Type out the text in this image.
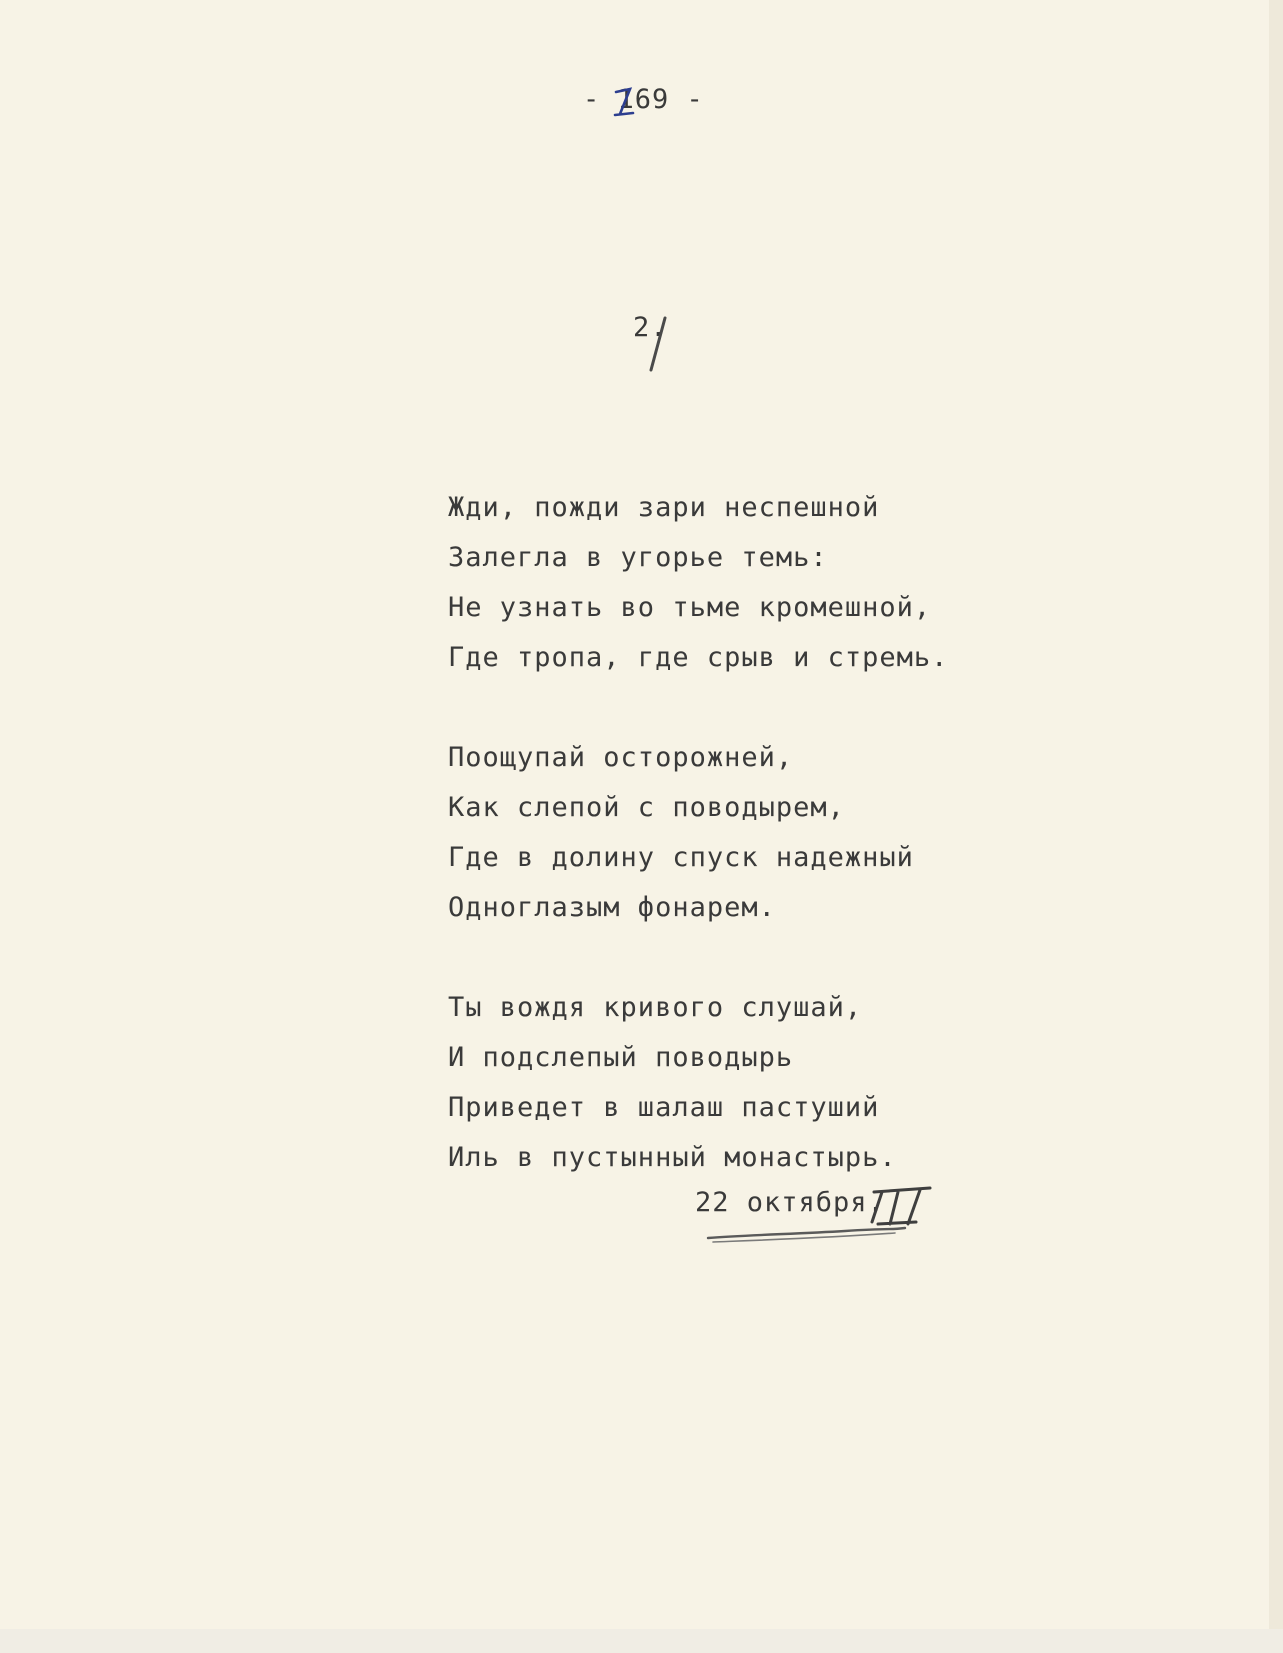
- 169 -
2.
Жди, пожди зари неспешной
Залегла в угорье темь:
Не узнать во тьме кромешной,
Где тропа, где срыв и стремь.
Поощупай осторожней,
Как слепой с поводырем,
Где в долину спуск надежный
Одноглазым фонарем.
Ты вождя кривого слушай,
И подслепый поводырь
Приведет в шалаш пастуший
Иль в пустынный монастырь.
22 октября.
